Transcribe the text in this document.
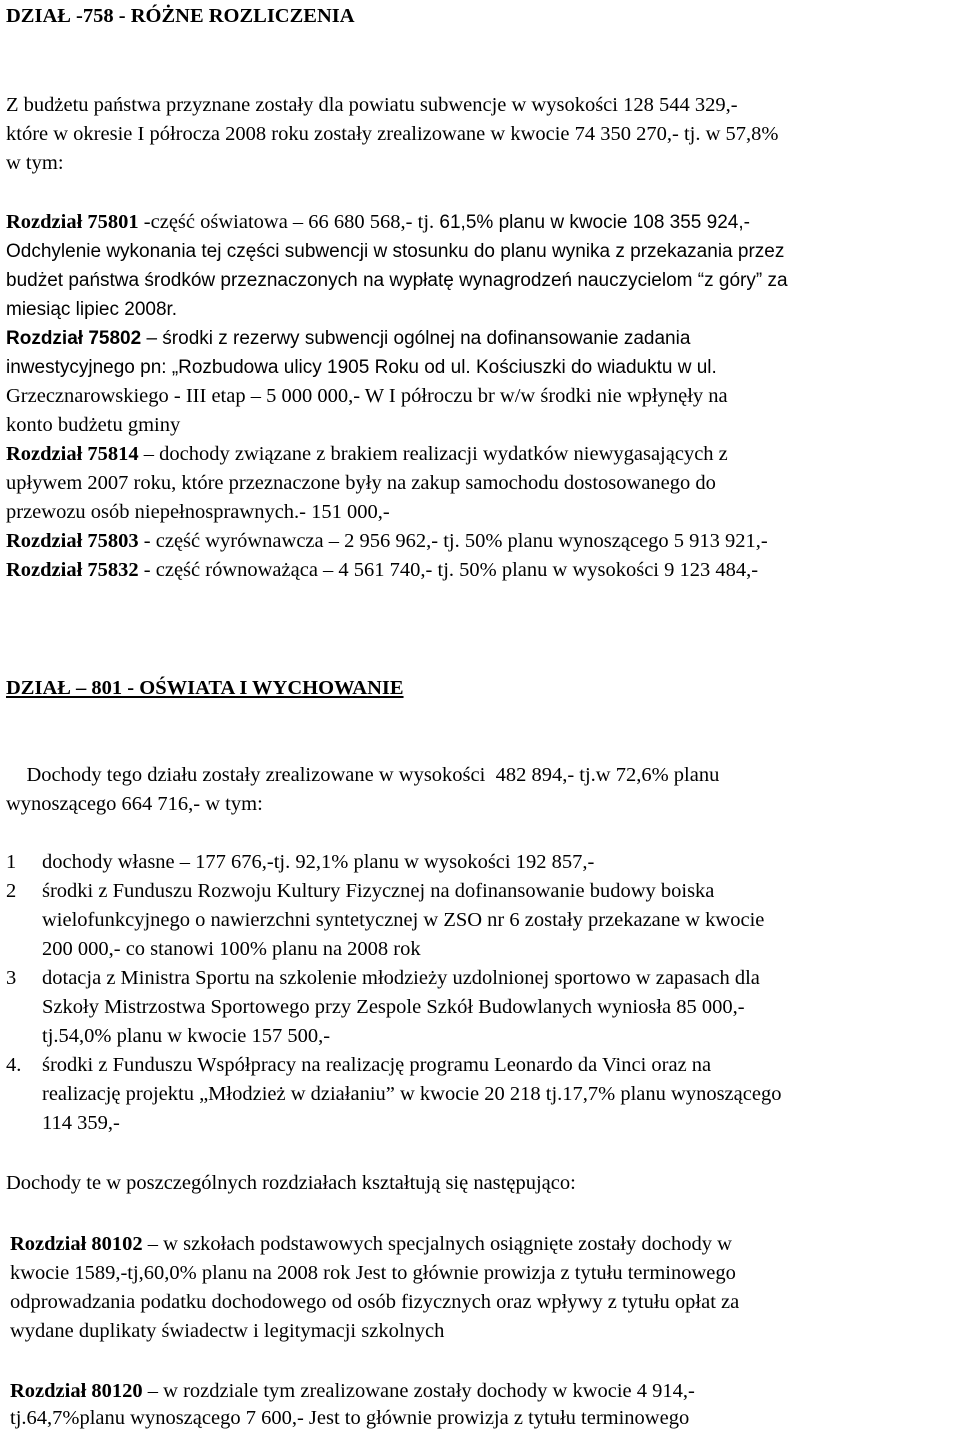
DZIAŁ -758 - RÓŻNE ROZLICZENIA
Z budżetu państwa przyznane zostały dla powiatu subwencje w wysokości 128 544 329,-
które w okresie I półrocza 2008 roku zostały zrealizowane w kwocie 74 350 270,- tj. w 57,8%
w tym:
Rozdział 75801 -część oświatowa – 66 680 568,- tj. 61,5% planu w kwocie 108 355 924,-
Odchylenie wykonania tej części subwencji w stosunku do planu wynika z przekazania przez
budżet państwa środków przeznaczonych na wypłatę wynagrodzeń nauczycielom “z góry” za
miesiąc lipiec 2008r.
Rozdział 75802 – środki z rezerwy subwencji ogólnej na dofinansowanie zadania
inwestycyjnego pn: „Rozbudowa ulicy 1905 Roku od ul. Kościuszki do wiaduktu w ul.
Grzecznarowskiego - III etap – 5 000 000,- W I półroczu br w/w środki nie wpłynęły na
konto budżetu gminy
Rozdział 75814 – dochody związane z brakiem realizacji wydatków niewygasających z
upływem 2007 roku, które przeznaczone były na zakup samochodu dostosowanego do
przewozu osób niepełnosprawnych.- 151 000,-
Rozdział 75803 - część wyrównawcza – 2 956 962,- tj. 50% planu wynoszącego 5 913 921,-
Rozdział 75832 - część równoważąca – 4 561 740,- tj. 50% planu w wysokości 9 123 484,-
DZIAŁ – 801 - OŚWIATA I WYCHOWANIE
Dochody tego działu zostały zrealizowane w wysokości  482 894,- tj.w 72,6% planu
wynoszącego 664 716,- w tym:
1 dochody własne – 177 676,-tj. 92,1% planu w wysokości 192 857,-
2 środki z Funduszu Rozwoju Kultury Fizycznej na dofinansowanie budowy boiska
wielofunkcyjnego o nawierzchni syntetycznej w ZSO nr 6 zostały przekazane w kwocie
200 000,- co stanowi 100% planu na 2008 rok
3 dotacja z Ministra Sportu na szkolenie młodzieży uzdolnionej sportowo w zapasach dla
Szkoły Mistrzostwa Sportowego przy Zespole Szkół Budowlanych wyniosła 85 000,-
tj.54,0% planu w kwocie 157 500,-
4. środki z Funduszu Współpracy na realizację programu Leonardo da Vinci oraz na
realizację projektu „Młodzież w działaniu” w kwocie 20 218 tj.17,7% planu wynoszącego
114 359,-
Dochody te w poszczególnych rozdziałach kształtują się następująco:
Rozdział 80102 – w szkołach podstawowych specjalnych osiągnięte zostały dochody w
kwocie 1589,-tj,60,0% planu na 2008 rok Jest to głównie prowizja z tytułu terminowego
odprowadzania podatku dochodowego od osób fizycznych oraz wpływy z tytułu opłat za
wydane duplikaty świadectw i legitymacji szkolnych
Rozdział 80120 – w rozdziale tym zrealizowane zostały dochody w kwocie 4 914,-
tj.64,7%planu wynoszącego 7 600,- Jest to głównie prowizja z tytułu terminowego
